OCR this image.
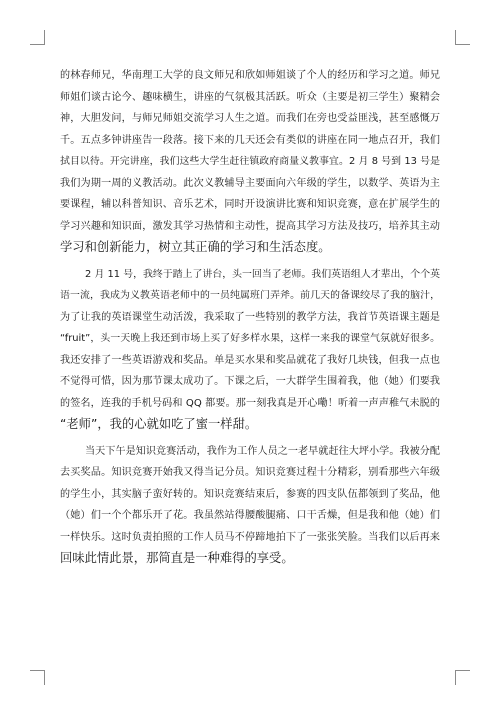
的林春师兄，华南理工大学的良文师兄和欣如师姐谈了个人的经历和学习之道。师兄
师姐们谈古论今、趣味横生，讲座的气氛极其活跃。听众（主要是初三学生）聚精会
神，大胆发问，与师兄师姐交流学习人生之道。而我们在旁也受益匪浅，甚至感慨万
千。五点多钟讲座告一段落。接下来的几天还会有类似的讲座在同一地点召开，我们
拭目以待。开完讲座，我们这些大学生赶往镇政府商量义教事宜。2 月 8 号到 13 号是
我们为期一周的义教活动。此次义教辅导主要面向六年级的学生，以数学、英语为主
要课程，辅以科普知识、音乐艺术，同时开设演讲比赛和知识竞赛，意在扩展学生的
学习兴趣和知识面，激发其学习热情和主动性，提高其学习方法及技巧，培养其主动
学习和创新能力，树立其正确的学习和生活态度。
2 月 11 号，我终于踏上了讲台，头一回当了老师。我们英语组人才辈出，个个英
语一流，我成为义教英语老师中的一员纯属班门弄斧。前几天的备课绞尽了我的脑汁，
为了让我的英语课堂生动活泼，我采取了一些特别的教学方法，我首节英语课主题是
“fruit”，头一天晚上我还到市场上买了好多样水果，这样一来我的课堂气氛就好很多。
我还安排了一些英语游戏和奖品。单是买水果和奖品就花了我好几块钱，但我一点也
不觉得可惜，因为那节课太成功了。下课之后，一大群学生围着我，他（她）们要我
的签名，连我的手机号码和 QQ 都要。那一刻我真是开心嘞！听着一声声稚气未脱的
“老师”，我的心就如吃了蜜一样甜。
当天下午是知识竞赛活动，我作为工作人员之一老早就赶往大坪小学。我被分配
去买奖品。知识竞赛开始我又得当记分员。知识竞赛过程十分精彩，别看那些六年级
的学生小，其实脑子蛮好转的。知识竞赛结束后，参赛的四支队伍都领到了奖品，他
（她）们一个个都乐开了花。我虽然站得腰酸腿痛、口干舌燥，但是我和他（她）们
一样快乐。这时负责拍照的工作人员马不停蹄地拍下了一张张笑脸。当我们以后再来
回味此情此景，那简直是一种难得的享受。
